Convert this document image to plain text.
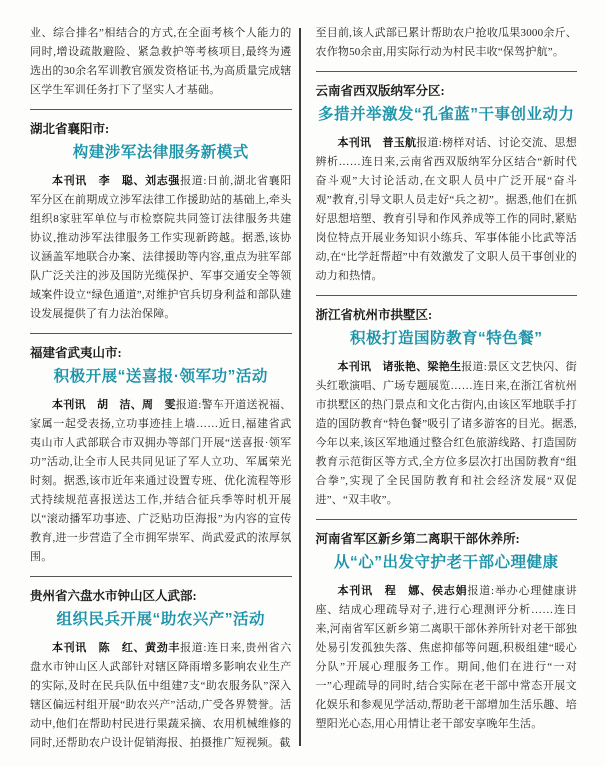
业、综合排名”相结合的方式,在全面考核个人能力的同时,增设疏散避险、紧急救护等考核项目,最终为遴选出的30余名军训教官颁发资格证书,为高质量完成辖区学生军训任务打下了坚实人才基础。

湖北省襄阳市:
构建涉军法律服务新模式

本刊讯　李　聪、刘志强报道:日前,湖北省襄阳军分区在前期成立涉军法律工作援助站的基础上,牵头组织8家驻军单位与市检察院共同签订法律服务共建协议,推动涉军法律服务工作实现新跨越。据悉,该协议涵盖军地联合办案、法律援助等内容,重点为驻军部队广泛关注的涉及国防光缆保护、军事交通安全等领域案件设立“绿色通道”,对维护官兵切身利益和部队建设发展提供了有力法治保障。

福建省武夷山市:
积极开展“送喜报·领军功”活动

本刊讯　胡　洁、周　雯报道:警车开道送祝福、家属一起受表扬,立功事迹挂上墙……近日,福建省武夷山市人武部联合市双拥办等部门开展“送喜报·领军功”活动,让全市人民共同见证了军人立功、军属荣光时刻。据悉,该市近年来通过设置专班、优化流程等形式持续规范喜报送达工作,并结合征兵季等时机开展以“滚动播军功事迹、广泛贴功臣海报”为内容的宣传教育,进一步营造了全市拥军崇军、尚武爱武的浓厚氛围。

贵州省六盘水市钟山区人武部:
组织民兵开展“助农兴产”活动

本刊讯　陈　红、黄劲丰报道:连日来,贵州省六盘水市钟山区人武部针对辖区降雨增多影响农业生产的实际,及时在民兵队伍中组建7支“助农服务队”深入辖区偏远村组开展“助农兴产”活动,广受各界赞誉。活动中,他们在帮助村民进行果蔬采摘、农用机械维修的同时,还帮助农户设计促销海报、拍摄推广短视频。截

至目前,该人武部已累计帮助农户抢收瓜果3000余斤、农作物50余亩,用实际行动为村民丰收“保驾护航”。

云南省西双版纳军分区:
多措并举激发“孔雀蓝”干事创业动力

本刊讯　普玉航报道:榜样对话、讨论交流、思想辨析……连日来,云南省西双版纳军分区结合“新时代奋斗观”大讨论活动,在文职人员中广泛开展“奋斗观”教育,引导文职人员走好“兵之初”。据悉,他们在抓好思想培塑、教育引导和作风养成等工作的同时,紧贴岗位特点开展业务知识小练兵、军事体能小比武等活动,在“比学赶帮超”中有效激发了文职人员干事创业的动力和热情。

浙江省杭州市拱墅区:
积极打造国防教育“特色餐”

本刊讯　诸张艳、梁艳生报道:景区文艺快闪、街头红歌演唱、广场专题展览……连日来,在浙江省杭州市拱墅区的热门景点和文化古街内,由该区军地联手打造的国防教育“特色餐”吸引了诸多游客的目光。据悉,今年以来,该区军地通过整合红色旅游线路、打造国防教育示范街区等方式,全方位多层次打出国防教育“组合拳”,实现了全民国防教育和社会经济发展“双促进”、“双丰收”。

河南省军区新乡第二离职干部休养所:
从“心”出发守护老干部心理健康

本刊讯　程　娜、侯志娟报道:举办心理健康讲座、结成心理疏导对子,进行心理测评分析……连日来,河南省军区新乡第二离职干部休养所针对老干部独处易引发孤独失落、焦虑抑郁等问题,积极组建“暖心分队”开展心理服务工作。期间,他们在进行“一对一”心理疏导的同时,结合实际在老干部中常态开展文化娱乐和参观见学活动,帮助老干部增加生活乐趣、培塑阳光心态,用心用情让老干部安享晚年生活。
